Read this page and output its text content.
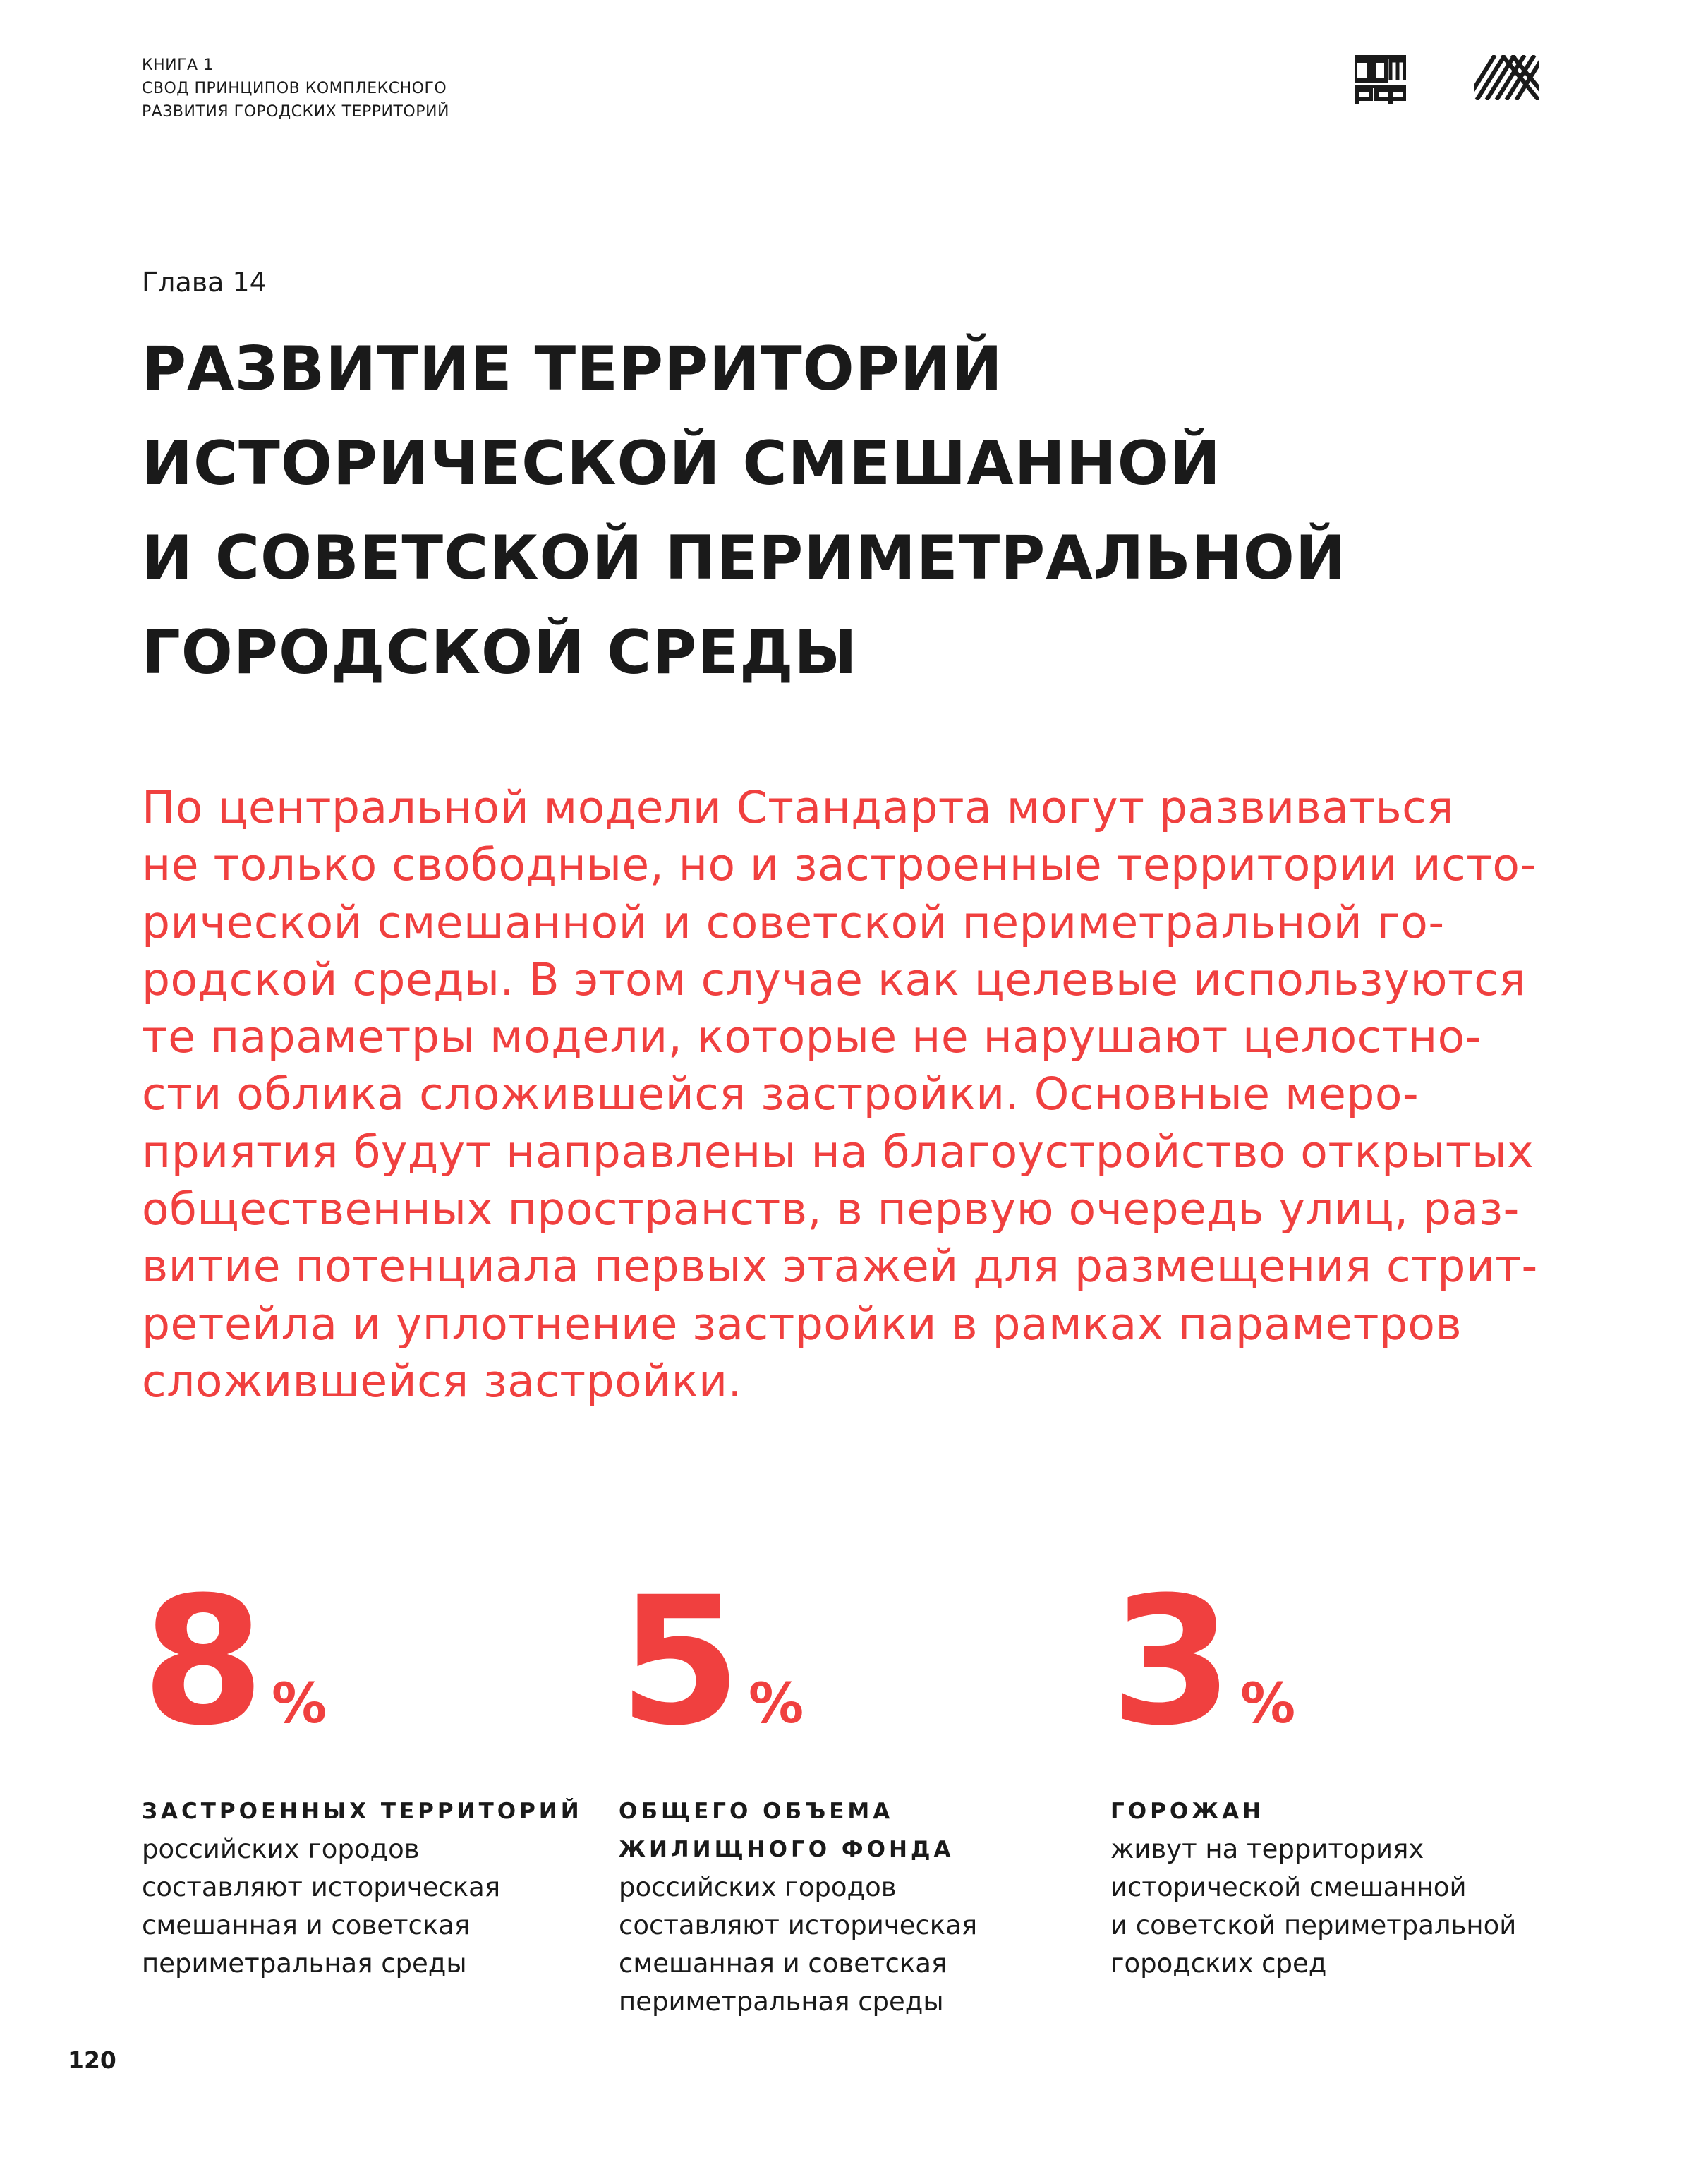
КНИГА 1
СВОД ПРИНЦИПОВ КОМПЛЕКСНОГО
РАЗВИТИЯ ГОРОДСКИХ ТЕРРИТОРИЙ
Глава 14
РАЗВИТИЕ ТЕРРИТОРИЙ
ИСТОРИЧЕСКОЙ СМЕШАННОЙ
И СОВЕТСКОЙ ПЕРИМЕТРАЛЬНОЙ
ГОРОДСКОЙ СРЕДЫ
По центральной модели Стандарта могут развиваться
не только свободные, но и застроенные территории исто-
рической смешанной и советской периметральной го-
родской среды. В этом случае как целевые используются
те параметры модели, которые не нарушают целостно-
сти облика сложившейся застройки. Основные меро-
приятия будут направлены на благоустройство открытых
общественных пространств, в первую очередь улиц, раз-
витие потенциала первых этажей для размещения стрит-
ретейла и уплотнение застройки в рамках параметров
сложившейся застройки.
8 %
ЗАСТРОЕННЫХ ТЕРРИТОРИЙ
российских городов
составляют историческая
смешанная и советская
периметральная среды
5 %
ОБЩЕГО ОБЪЕМА
ЖИЛИЩНОГО ФОНДА
российских городов
составляют историческая
смешанная и советская
периметральная среды
3 %
ГОРОЖАН
живут на территориях
исторической смешанной
и советской периметральной
городских сред
120
